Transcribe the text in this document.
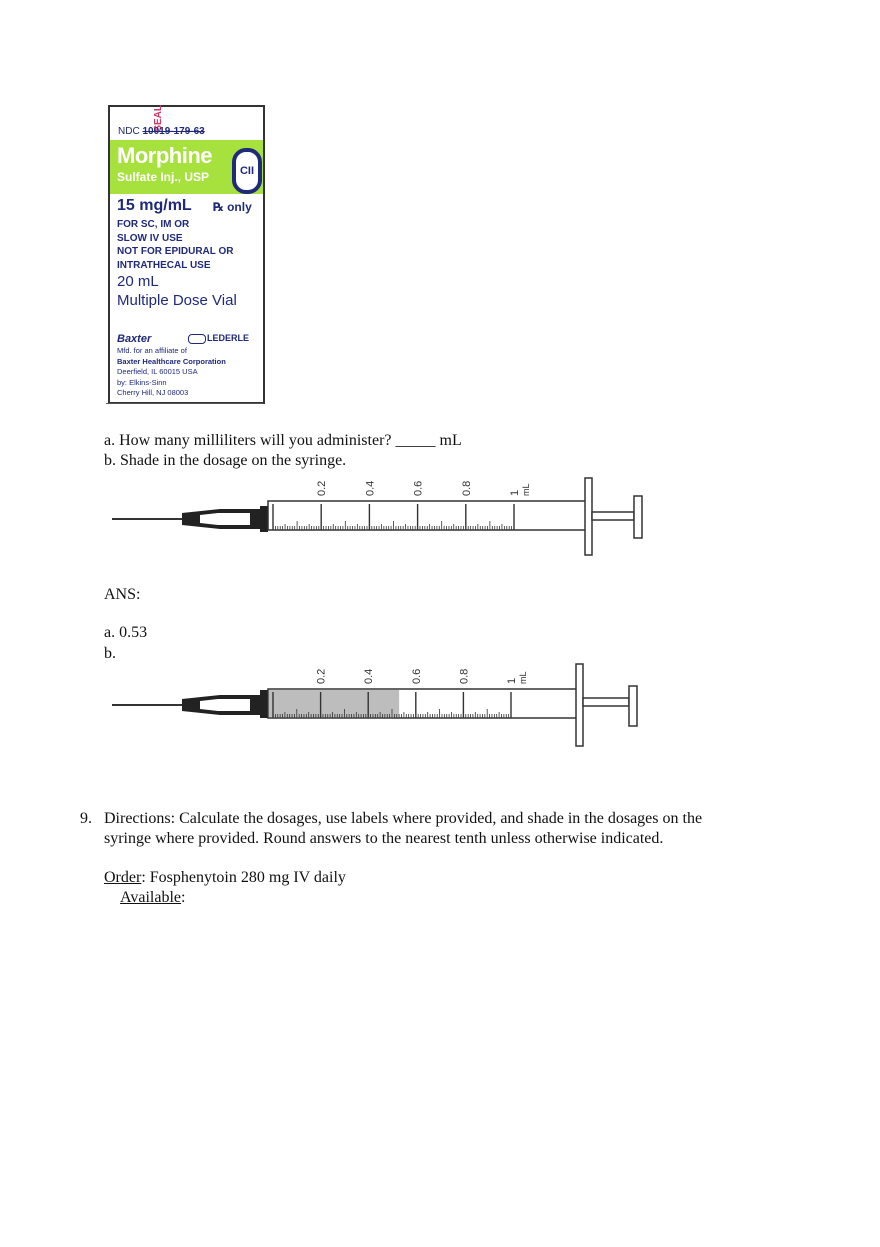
SEAL
NDC 10019-179-63
Morphine
Sulfate Inj., USP	CII
15 mg/mL ℞ only
FOR SC, IM OR
SLOW IV USE
NOT FOR EPIDURAL OR
INTRATHECAL USE
20 mL
Multiple Dose Vial
Baxter	LEDERLE
Mfd. for an affiliate of
Baxter Healthcare Corporation
Deerfield, IL 60015 USA
by: Elkins-Sinn
Cherry Hill, NJ 08003
a. How many milliliters will you administer? _____ mL
b. Shade in the dosage on the syringe.
0.2	0.4	0.6	0.8	1 mL
ANS:
a. 0.53
b.
0.2	0.4	0.6	0.8	1 mL
9. Directions: Calculate the dosages, use labels where provided, and shade in the dosages on the
syringe where provided. Round answers to the nearest tenth unless otherwise indicated.
Order: Fosphenytoin 280 mg IV daily
Available:
